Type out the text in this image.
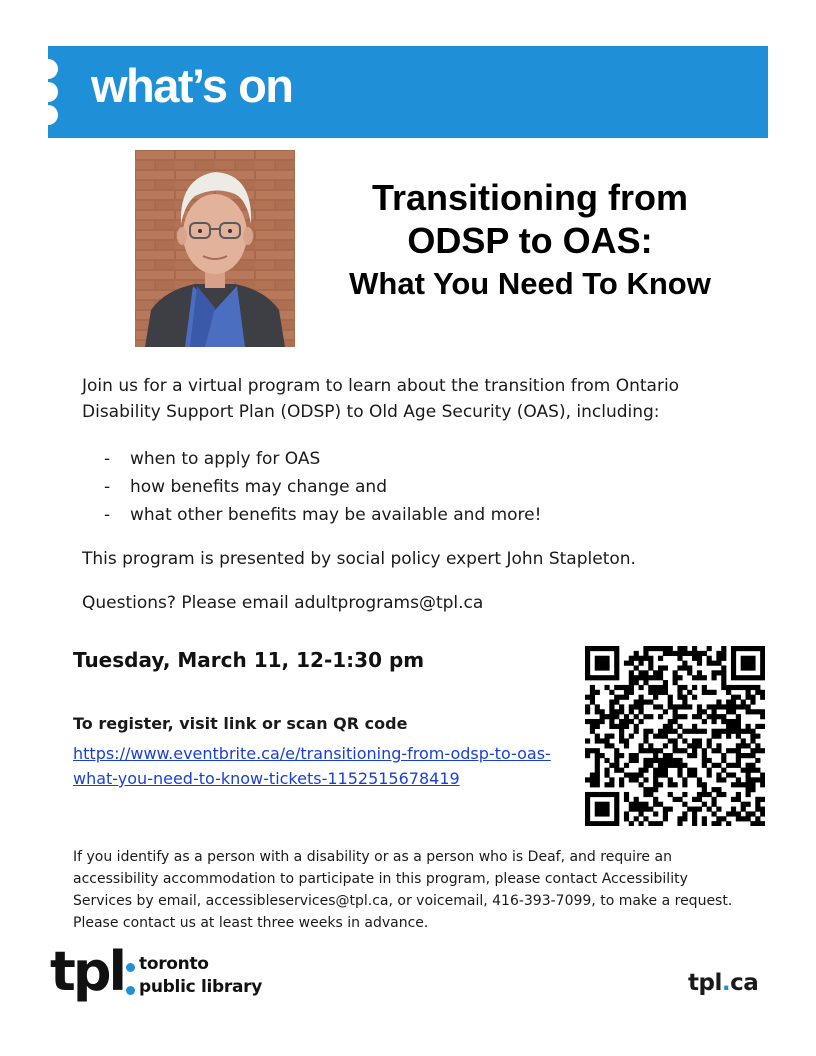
what’s on
Transitioning from
ODSP to OAS:
What You Need To Know

Join us for a virtual program to learn about the transition from Ontario Disability Support Plan (ODSP) to Old Age Security (OAS), including:

- when to apply for OAS
- how benefits may change and
- what other benefits may be available and more!

This program is presented by social policy expert John Stapleton.

Questions? Please email adultprograms@tpl.ca

Tuesday, March 11, 12-1:30 pm

To register, visit link or scan QR code

https://www.eventbrite.ca/e/transitioning-from-odsp-to-oas-what-you-need-to-know-tickets-1152515678419

If you identify as a person with a disability or as a person who is Deaf, and require an accessibility accommodation to participate in this program, please contact Accessibility Services by email, accessibleservices@tpl.ca, or voicemail, 416-393-7099, to make a request. Please contact us at least three weeks in advance.

tpl toronto
public library	tpl.ca
